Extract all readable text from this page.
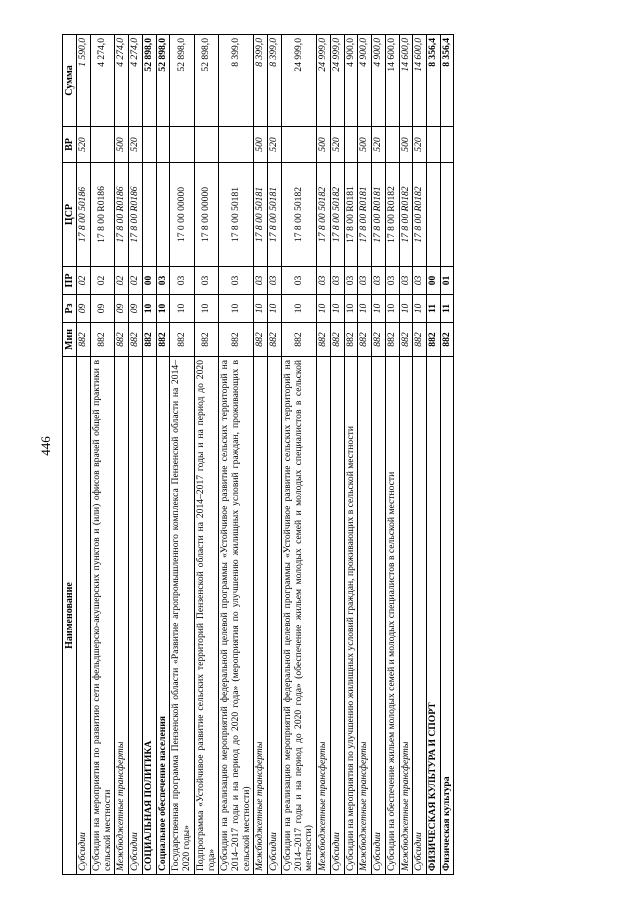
446
Наименование	Мин	Рз	ПР	ЦСР	ВР	Сумма
Субсидии	882	09	02	17 8 00 50186	520	1 590,0
Субсидии на мероприятия по развитию сети фельдшерско-акушерских пунктов и (или) офисов врачей общей практики в сельской местности	882	09	02	17 8 00 R0186		4 274,0
Межбюджетные трансферты	882	09	02	17 8 00 R0186	500	4 274,0
Субсидии	882	09	02	17 8 00 R0186	520	4 274,0
СОЦИАЛЬНАЯ ПОЛИТИКА	882	10	00			52 898,0
Социальное обеспечение населения	882	10	03			52 898,0
Государственная программа Пензенской области «Развитие агропромышленного комплекса Пензенской области на 2014–2020 годы»	882	10	03	17 0 00 00000		52 898,0
Подпрограмма «Устойчивое развитие сельских территорий Пензенской области на 2014–2017 годы и на период до 2020 года»	882	10	03	17 8 00 00000		52 898,0
Субсидии на реализацию мероприятий федеральной целевой программы «Устойчивое развитие сельских территорий на 2014–2017 годы и на период до 2020 года» (мероприятия по улучшению жилищных условий граждан, проживающих в сельской местности)	882	10	03	17 8 00 50181		8 399,0
Межбюджетные трансферты	882	10	03	17 8 00 50181	500	8 399,0
Субсидии	882	10	03	17 8 00 50181	520	8 399,0
Субсидии на реализацию мероприятий федеральной целевой программы «Устойчивое развитие сельских территорий на 2014–2017 годы и на период до 2020 года» (обеспечение жильем молодых семей и молодых специалистов в сельской местности)	882	10	03	17 8 00 50182		24 999,0
Межбюджетные трансферты	882	10	03	17 8 00 50182	500	24 999,0
Субсидии	882	10	03	17 8 00 50182	520	24 999,0
Субсидии на мероприятия по улучшению жилищных условий граждан, проживающих в сельской местности	882	10	03	17 8 00 R0181		4 900,0
Межбюджетные трансферты	882	10	03	17 8 00 R0181	500	4 900,0
Субсидии	882	10	03	17 8 00 R0181	520	4 900,0
Субсидии на обеспечение жильем молодых семей и молодых специалистов в сельской местности	882	10	03	17 8 00 R0182		14 600,0
Межбюджетные трансферты	882	10	03	17 8 00 R0182	500	14 600,0
Субсидии	882	10	03	17 8 00 R0182	520	14 600,0
ФИЗИЧЕСКАЯ КУЛЬТУРА И СПОРТ	882	11	00			8 356,4
Физическая культура	882	11	01			8 356,4
